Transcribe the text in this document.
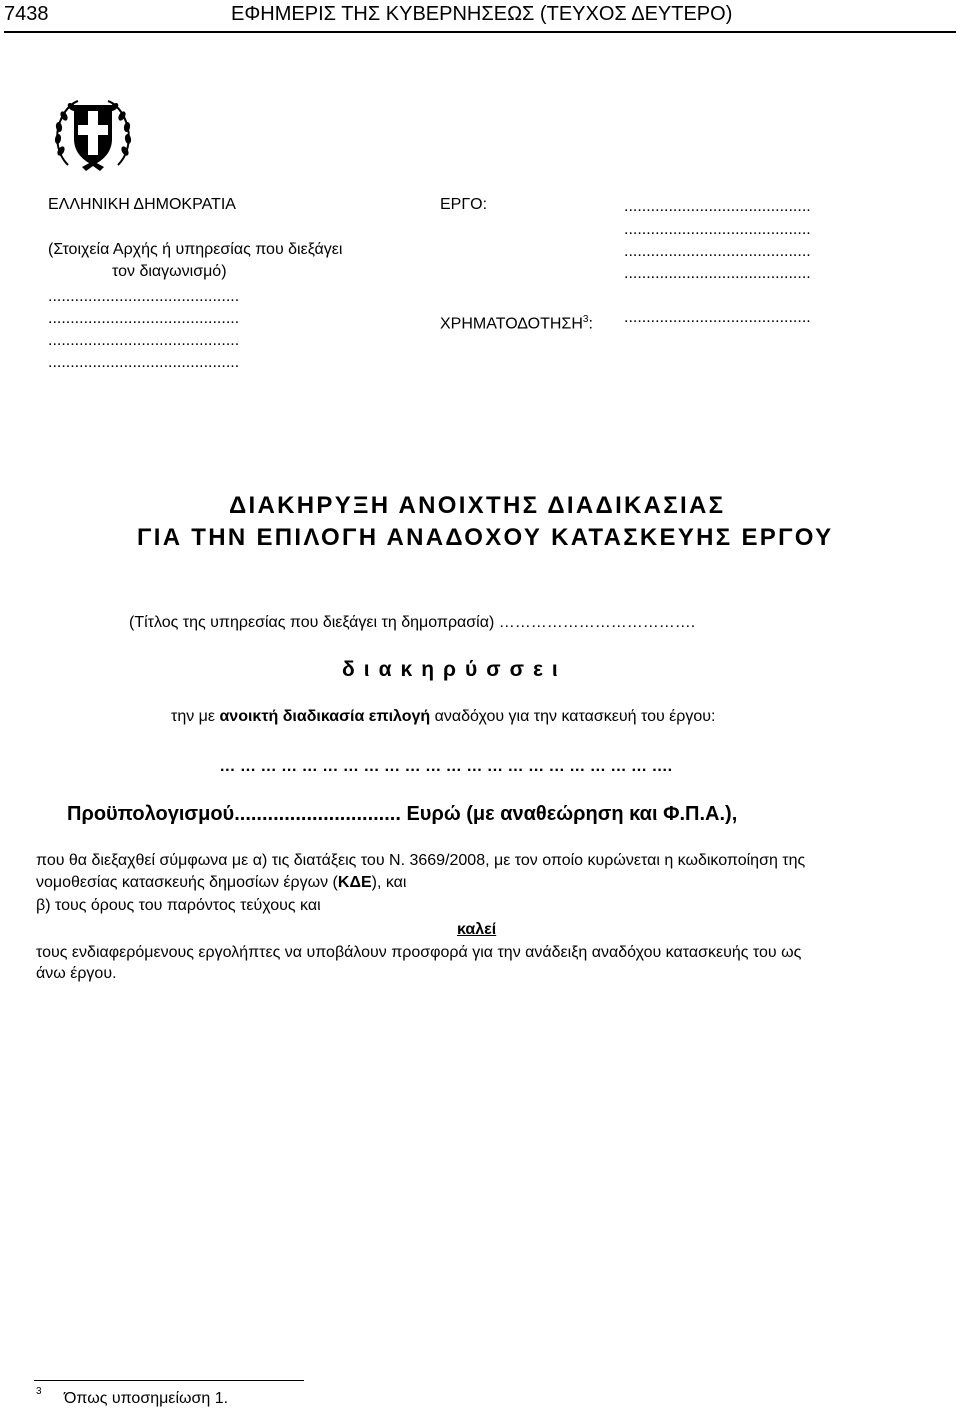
7438	ΕΦΗΜΕΡΙΣ ΤΗΣ ΚΥΒΕΡΝΗΣΕΩΣ (ΤΕΥΧΟΣ ΔΕΥΤΕΡΟ)
ΕΛΛΗΝΙΚΗ ΔΗΜΟΚΡΑΤΙΑ
(Στοιχεία Αρχής ή υπηρεσίας που διεξάγει
τον διαγωνισμό)
...........................................
...........................................
...........................................
...........................................
ΕΡΓΟ:	..........................................
..........................................
..........................................
..........................................
ΧΡΗΜΑΤΟΔΟΤΗΣΗ$^3$: ..........................................
ΔΙΑΚΗΡΥΞΗ ΑΝΟΙΧΤΗΣ ΔΙΑΔΙΚΑΣΙΑΣ
ΓΙΑ ΤΗΝ ΕΠΙΛΟΓΗ ΑΝΑΔΟΧΟΥ ΚΑΤΑΣΚΕΥΗΣ ΕΡΓΟΥ
(Τίτλος της υπηρεσίας που διεξάγει τη δημοπρασία) ……………………………….
διακηρύσσει
την με ανοικτή διαδικασία επιλογή αναδόχου για την κατασκευή του έργου:
... ... ... ... ... ... ... ... ... ... ... ... ... ... ... ... ... ... ... ... ... ....
Προϋπολογισμού.............................. Ευρώ (με αναθεώρηση και Φ.Π.Α.),
που θα διεξαχθεί σύμφωνα με α) τις διατάξεις του Ν. 3669/2008, με τον οποίο κυρώνεται η κωδικοποίηση της
νομοθεσίας κατασκευής δημοσίων έργων (ΚΔΕ), και
β) τους όρους του παρόντος τεύχους και
καλεί
τους ενδιαφερόμενους εργολήπτες να υποβάλουν προσφορά για την ανάδειξη αναδόχου κατασκευής του ως
άνω έργου.
3 Όπως υποσημείωση 1.
